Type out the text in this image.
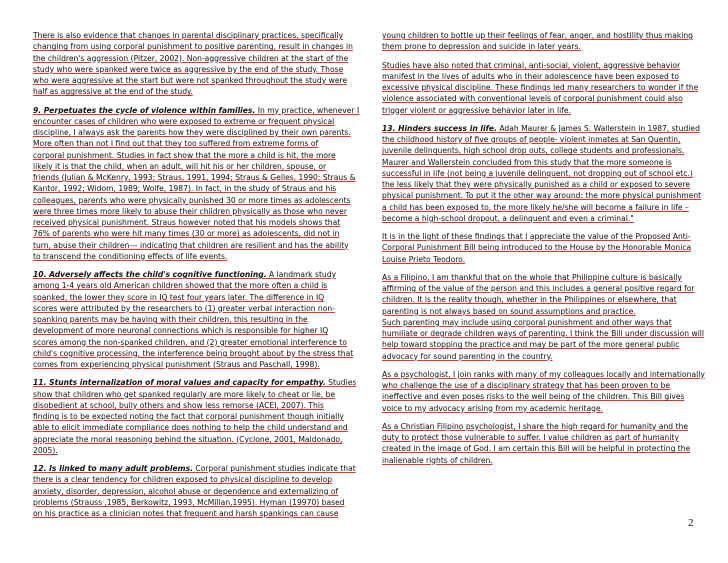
There is also evidence that changes in parental disciplinary practices, specifically
changing from using corporal punishment to positive parenting, result in changes in
the children's aggression (Pitzer, 2002). Non-aggressive children at the start of the
study who were spanked were twice as aggressive by the end of the study. Those
who were aggressive at the start but were not spanked throughout the study were
half as aggressive at the end of the study.

9. Perpetuates the cycle of violence within families. In my practice, whenever I
encounter cases of children who were exposed to extreme or frequent physical
discipline, I always ask the parents how they were disciplined by their own parents.
More often than not I find out that they too suffered from extreme forms of
corporal punishment. Studies in fact show that the more a child is hit, the more
likely it is that the child, when an adult, will hit his or her children, spouse, or
friends (Julian & McKenry, 1993; Straus, 1991, 1994; Straus & Gelles, 1990; Straus &
Kantor, 1992; Widom, 1989; Wolfe, 1987). In fact, in the study of Straus and his
colleagues, parents who were physically punished 30 or more times as adolescents
were three times more likely to abuse their children physically as those who never
received physical punishment. Straus however noted that his models shows that
76% of parents who were hit many times (30 or more) as adolescents, did not in
turn, abuse their children--- indicating that children are resilient and has the ability
to transcend the conditioning effects of life events.

10. Adversely affects the child's cognitive functioning. A landmark study
among 1-4 years old American children showed that the more often a child is
spanked, the lower they score in IQ test four years later. The difference in IQ
scores were attributed by the researchers to (1) greater verbal interaction non-
spanking parents may be having with their children, this resulting in the
development of more neuronal connections which is responsible for higher IQ
scores among the non-spanked children, and (2) greater emotional interference to
child's cognitive processing, the interference being brought about by the stress that
comes from experiencing physical punishment (Straus and Paschall, 1998).

11. Stunts internalization of moral values and capacity for empathy. Studies
show that children who get spanked regularly are more likely to cheat or lie, be
disobedient at school, bully others and show less remorse (ACEI, 2007). This
finding is to be expected noting the fact that corporal punishment though initially
able to elicit immediate compliance does nothing to help the child understand and
appreciate the moral reasoning behind the situation. (Cyclone, 2001, Maldonado,
2005).

12. Is linked to many adult problems. Corporal punishment studies indicate that
there is a clear tendency for children exposed to physical discipline to develop
anxiety, disorder, depression, alcohol abuse or dependence and externalizing of
problems (Strauss ,1985, Berkowitz, 1993, McMillan,1995). Hyman (19970) based
on his practice as a clinician notes that frequent and harsh spankings can cause

young children to bottle up their feelings of fear, anger, and hostility thus making
them prone to depression and suicide in later years.

Studies have also noted that criminal, anti-social, violent, aggressive behavior
manifest in the lives of adults who in their adolescence have been exposed to
excessive physical discipline. These findings led many researchers to wonder if the
violence associated with conventional levels of corporal punishment could also
trigger violent or aggressive behavior later in life.

13. Hinders success in life. Adah Maurer & James S. Wallerstein in 1987, studied
the childhood history of five groups of people- violent inmates at San Quentin,
juvenile delinquents, high school drop outs, college students and professionals.
Maurer and Wallerstein concluded from this study that the more someone is
successful in life (not being a juvenile delinquent, not dropping out of school etc.)
the less likely that they were physically punished as a child or exposed to severe
physical punishment. To put it the other way around: the more physical punishment
a child has been exposed to, the more likely he/she will become a failure in life –
become a high-school dropout, a delinquent and even a criminal."

It is in the light of these findings that I appreciate the value of the Proposed Anti-
Corporal Punishment Bill being introduced to the House by the Honorable Monica
Louise Prieto Teodoro.

As a Filipino, I am thankful that on the whole that Philippine culture is basically
affirming of the value of the person and this includes a general positive regard for
children. It is the reality though, whether in the Philippines or elsewhere, that
parenting is not always based on sound assumptions and practice.
Such parenting may include using corporal punishment and other ways that
humiliate or degrade children ways of parenting. I think the Bill under discussion will
help toward stopping the practice and may be part of the more general public
advocacy for sound parenting in the country.

As a psychologist, I join ranks with many of my colleagues locally and internationally
who challenge the use of a disciplinary strategy that has been proven to be
ineffective and even poses risks to the well being of the children. This Bill gives
voice to my advocacy arising from my academic heritage.

As a Christian Filipino psychologist, I share the high regard for humanity and the
duty to protect those vulnerable to suffer. I value children as part of humanity
created in the image of God. I am certain this Bill will be helpful in protecting the
inalienable rights of children.

2
